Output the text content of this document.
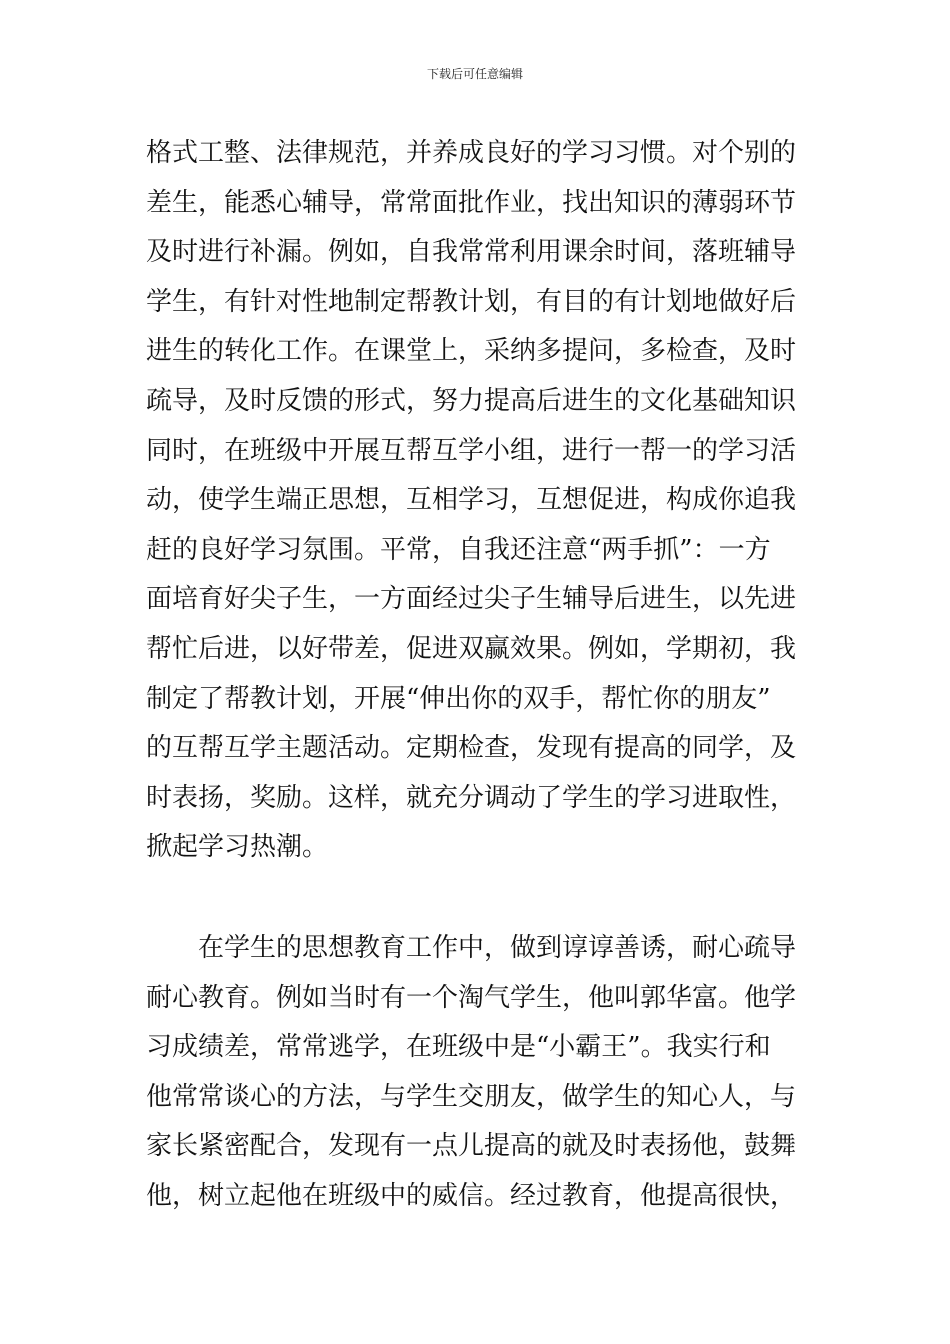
下载后可任意编辑
格式工整、法律规范，并养成良好的学习习惯。对个别的
差生，能悉心辅导，常常面批作业，找出知识的薄弱环节
及时进行补漏。例如，自我常常利用课余时间，落班辅导
学生，有针对性地制定帮教计划，有目的有计划地做好后
进生的转化工作。在课堂上，采纳多提问，多检查，及时
疏导，及时反馈的形式，努力提高后进生的文化基础知识
同时，在班级中开展互帮互学小组，进行一帮一的学习活
动，使学生端正思想，互相学习，互想促进，构成你追我
赶的良好学习氛围。平常，自我还注意“两手抓”：一方
面培育好尖子生，一方面经过尖子生辅导后进生，以先进
帮忙后进，以好带差，促进双赢效果。例如，学期初，我
制定了帮教计划，开展“伸出你的双手，帮忙你的朋友”
的互帮互学主题活动。定期检查，发现有提高的同学，及
时表扬，奖励。这样，就充分调动了学生的学习进取性，
掀起学习热潮。
　　在学生的思想教育工作中，做到谆谆善诱，耐心疏导
耐心教育。例如当时有一个淘气学生，他叫郭华富。他学
习成绩差，常常逃学，在班级中是“小霸王”。我实行和
他常常谈心的方法，与学生交朋友，做学生的知心人，与
家长紧密配合，发现有一点儿提高的就及时表扬他，鼓舞
他，树立起他在班级中的威信。经过教育，他提高很快，
